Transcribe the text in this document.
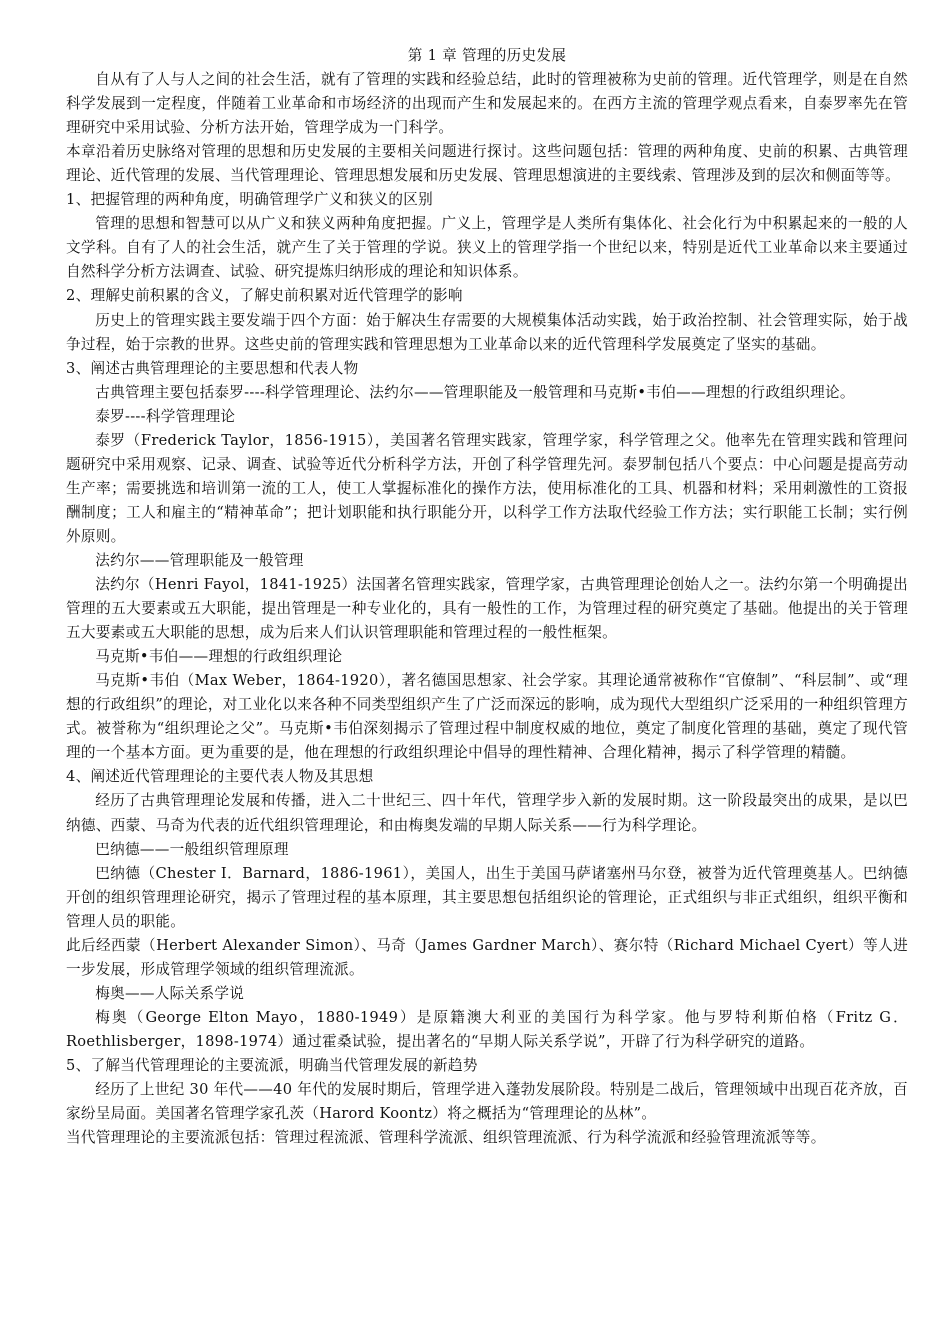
第 1 章 管理的历史发展

自从有了人与人之间的社会生活，就有了管理的实践和经验总结，此时的管理被称为史前的管理。近代管理学，则是在自然科学发展到一定程度，伴随着工业革命和市场经济的出现而产生和发展起来的。在西方主流的管理学观点看来，自泰罗率先在管理研究中采用试验、分析方法开始，管理学成为一门科学。

本章沿着历史脉络对管理的思想和历史发展的主要相关问题进行探讨。这些问题包括：管理的两种角度、史前的积累、古典管理理论、近代管理的发展、当代管理理论、管理思想发展和历史发展、管理思想演进的主要线索、管理涉及到的层次和侧面等等。

1、把握管理的两种角度，明确管理学广义和狭义的区别

管理的思想和智慧可以从广义和狭义两种角度把握。广义上，管理学是人类所有集体化、社会化行为中积累起来的一般的人文学科。自有了人的社会生活，就产生了关于管理的学说。狭义上的管理学指一个世纪以来，特别是近代工业革命以来主要通过自然科学分析方法调查、试验、研究提炼归纳形成的理论和知识体系。

2、理解史前积累的含义，了解史前积累对近代管理学的影响

历史上的管理实践主要发端于四个方面：始于解决生存需要的大规模集体活动实践，始于政治控制、社会管理实际，始于战争过程，始于宗教的世界。这些史前的管理实践和管理思想为工业革命以来的近代管理科学发展奠定了坚实的基础。

3、阐述古典管理理论的主要思想和代表人物

古典管理主要包括泰罗----科学管理理论、法约尔——管理职能及一般管理和马克斯•韦伯——理想的行政组织理论。

泰罗----科学管理理论

泰罗（Frederick Taylor，1856-1915），美国著名管理实践家，管理学家，科学管理之父。他率先在管理实践和管理问题研究中采用观察、记录、调查、试验等近代分析科学方法，开创了科学管理先河。泰罗制包括八个要点：中心问题是提高劳动生产率；需要挑选和培训第一流的工人，使工人掌握标准化的操作方法，使用标准化的工具、机器和材料；采用刺激性的工资报酬制度；工人和雇主的“精神革命”；把计划职能和执行职能分开，以科学工作方法取代经验工作方法；实行职能工长制；实行例外原则。

法约尔——管理职能及一般管理

法约尔（Henri Fayol，1841-1925）法国著名管理实践家，管理学家，古典管理理论创始人之一。法约尔第一个明确提出管理的五大要素或五大职能，提出管理是一种专业化的，具有一般性的工作，为管理过程的研究奠定了基础。他提出的关于管理五大要素或五大职能的思想，成为后来人们认识管理职能和管理过程的一般性框架。

马克斯•韦伯——理想的行政组织理论

马克斯•韦伯（Max Weber，1864-1920），著名德国思想家、社会学家。其理论通常被称作“官僚制”、“科层制”、或“理想的行政组织”的理论，对工业化以来各种不同类型组织产生了广泛而深远的影响，成为现代大型组织广泛采用的一种组织管理方式。被誉称为“组织理论之父”。马克斯•韦伯深刻揭示了管理过程中制度权威的地位，奠定了制度化管理的基础，奠定了现代管理的一个基本方面。更为重要的是，他在理想的行政组织理论中倡导的理性精神、合理化精神，揭示了科学管理的精髓。

4、阐述近代管理理论的主要代表人物及其思想

经历了古典管理理论发展和传播，进入二十世纪三、四十年代，管理学步入新的发展时期。这一阶段最突出的成果，是以巴纳德、西蒙、马奇为代表的近代组织管理理论，和由梅奥发端的早期人际关系——行为科学理论。

巴纳德——一般组织管理原理

巴纳德（Chester I．Barnard，1886-1961），美国人，出生于美国马萨诸塞州马尔登，被誉为近代管理奠基人。巴纳德开创的组织管理理论研究，揭示了管理过程的基本原理，其主要思想包括组织论的管理论，正式组织与非正式组织，组织平衡和管理人员的职能。

此后经西蒙（Herbert Alexander Simon）、马奇（James Gardner March）、赛尔特（Richard Michael Cyert）等人进一步发展，形成管理学领域的组织管理流派。

梅奥——人际关系学说

梅奥（George Elton Mayo，1880-1949）是原籍澳大利亚的美国行为科学家。他与罗特利斯伯格（Fritz G．Roethlisberger，1898-1974）通过霍桑试验，提出著名的“早期人际关系学说”，开辟了行为科学研究的道路。

5、了解当代管理理论的主要流派，明确当代管理发展的新趋势

经历了上世纪 30 年代——40 年代的发展时期后，管理学进入蓬勃发展阶段。特别是二战后，管理领域中出现百花齐放，百家纷呈局面。美国著名管理学家孔茨（Harord Koontz）将之概括为“管理理论的丛林”。

当代管理理论的主要流派包括：管理过程流派、管理科学流派、组织管理流派、行为科学流派和经验管理流派等等。
